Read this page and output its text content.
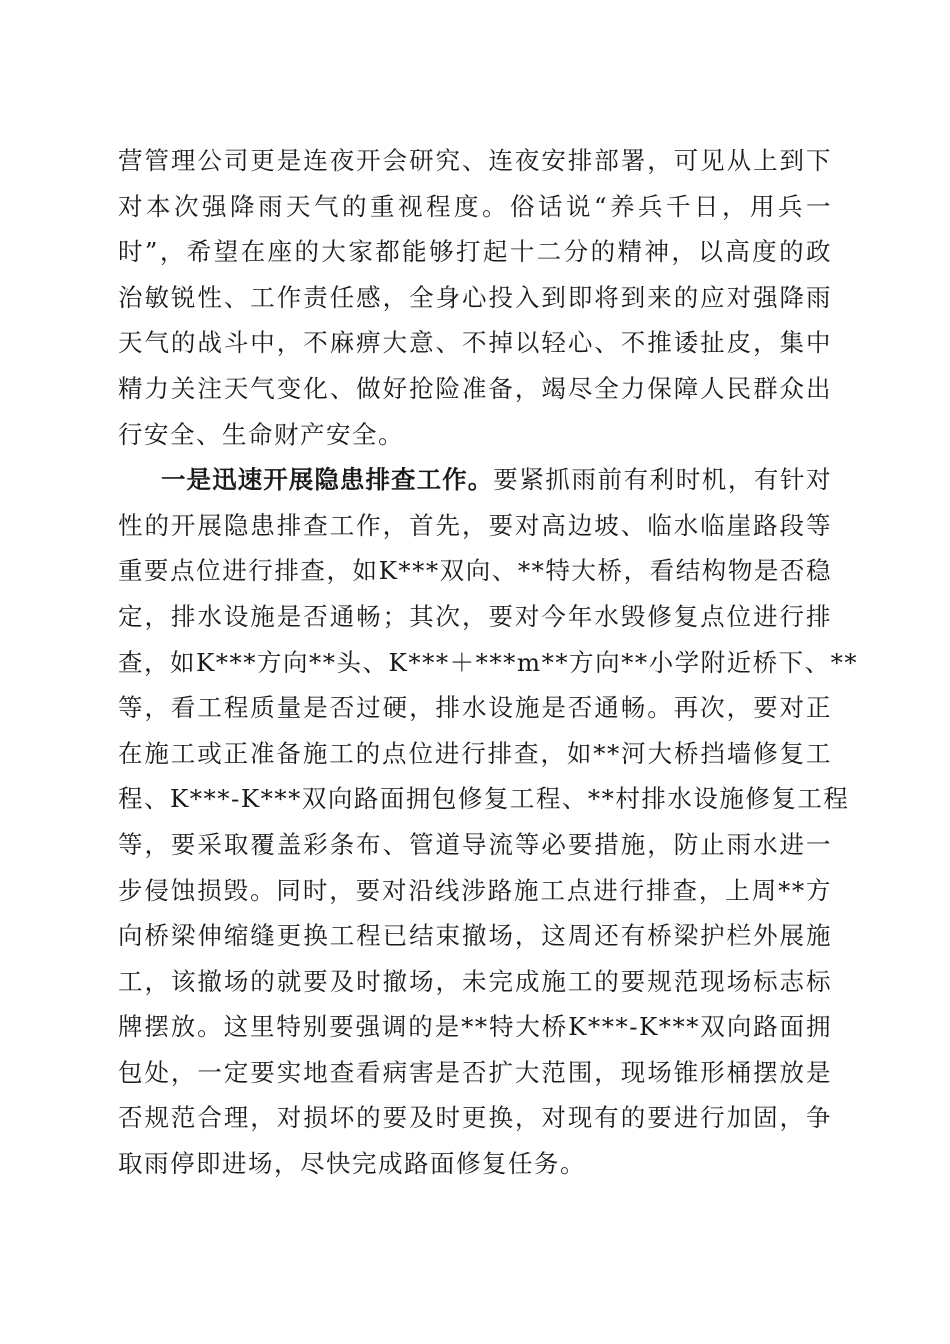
营管理公司更是连夜开会研究、连夜安排部署，可见从上到下
对本次强降雨天气的重视程度。俗话说“养兵千日，用兵一
时”，希望在座的大家都能够打起十二分的精神，以高度的政
治敏锐性、工作责任感，全身心投入到即将到来的应对强降雨
天气的战斗中，不麻痹大意、不掉以轻心、不推诿扯皮，集中
精力关注天气变化、做好抢险准备，竭尽全力保障人民群众出
行安全、生命财产安全。
一是迅速开展隐患排查工作。要紧抓雨前有利时机，有针对
性的开展隐患排查工作，首先，要对高边坡、临水临崖路段等
重要点位进行排查，如K***双向、**特大桥，看结构物是否稳
定，排水设施是否通畅；其次，要对今年水毁修复点位进行排
查，如K***方向**头、K***＋***m**方向**小学附近桥下、**
等，看工程质量是否过硬，排水设施是否通畅。再次，要对正
在施工或正准备施工的点位进行排查，如**河大桥挡墙修复工
程、K***-K***双向路面拥包修复工程、**村排水设施修复工程
等，要采取覆盖彩条布、管道导流等必要措施，防止雨水进一
步侵蚀损毁。同时，要对沿线涉路施工点进行排查，上周**方
向桥梁伸缩缝更换工程已结束撤场，这周还有桥梁护栏外展施
工，该撤场的就要及时撤场，未完成施工的要规范现场标志标
牌摆放。这里特别要强调的是**特大桥K***-K***双向路面拥
包处，一定要实地查看病害是否扩大范围，现场锥形桶摆放是
否规范合理，对损坏的要及时更换，对现有的要进行加固，争
取雨停即进场，尽快完成路面修复任务。
